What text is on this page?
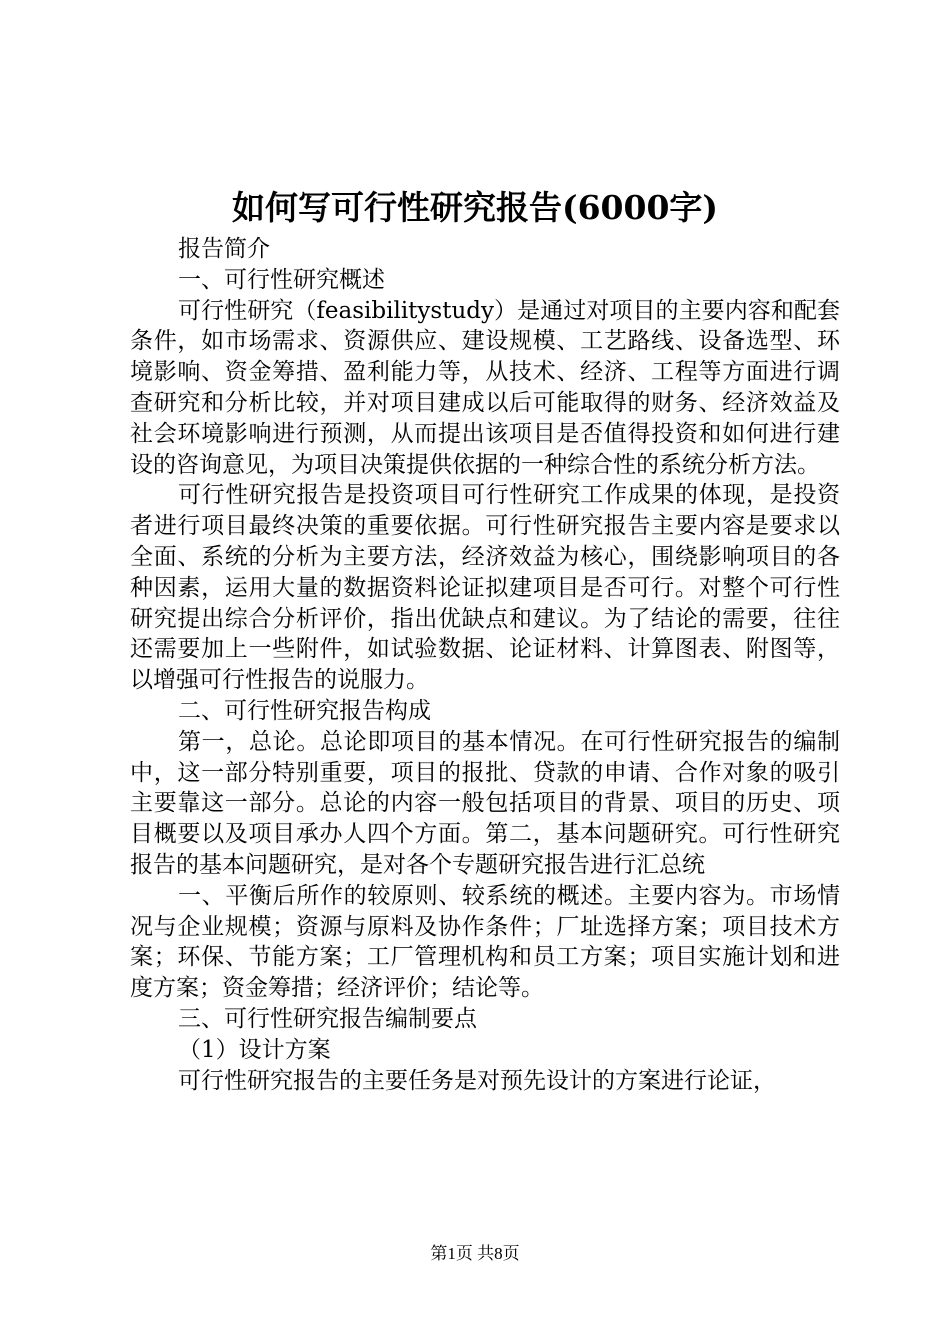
如何写可行性研究报告(6000字)

报告简介

一、可行性研究概述

可行性研究（feasibilitystudy）是通过对项目的主要内容和配套条件，如市场需求、资源供应、建设规模、工艺路线、设备选型、环境影响、资金筹措、盈利能力等，从技术、经济、工程等方面进行调查研究和分析比较，并对项目建成以后可能取得的财务、经济效益及社会环境影响进行预测，从而提出该项目是否值得投资和如何进行建设的咨询意见，为项目决策提供依据的一种综合性的系统分析方法。

可行性研究报告是投资项目可行性研究工作成果的体现，是投资者进行项目最终决策的重要依据。可行性研究报告主要内容是要求以全面、系统的分析为主要方法，经济效益为核心，围绕影响项目的各种因素，运用大量的数据资料论证拟建项目是否可行。对整个可行性研究提出综合分析评价，指出优缺点和建议。为了结论的需要，往往还需要加上一些附件，如试验数据、论证材料、计算图表、附图等，以增强可行性报告的说服力。

二、可行性研究报告构成

第一，总论。总论即项目的基本情况。在可行性研究报告的编制中，这一部分特别重要，项目的报批、贷款的申请、合作对象的吸引主要靠这一部分。总论的内容一般包括项目的背景、项目的历史、项目概要以及项目承办人四个方面。第二，基本问题研究。可行性研究报告的基本问题研究，是对各个专题研究报告进行汇总统

一、平衡后所作的较原则、较系统的概述。主要内容为。市场情况与企业规模；资源与原料及协作条件；厂址选择方案；项目技术方案；环保、节能方案；工厂管理机构和员工方案；项目实施计划和进度方案；资金筹措；经济评价；结论等。

三、可行性研究报告编制要点

（1）设计方案

可行性研究报告的主要任务是对预先设计的方案进行论证，

第1页 共8页
